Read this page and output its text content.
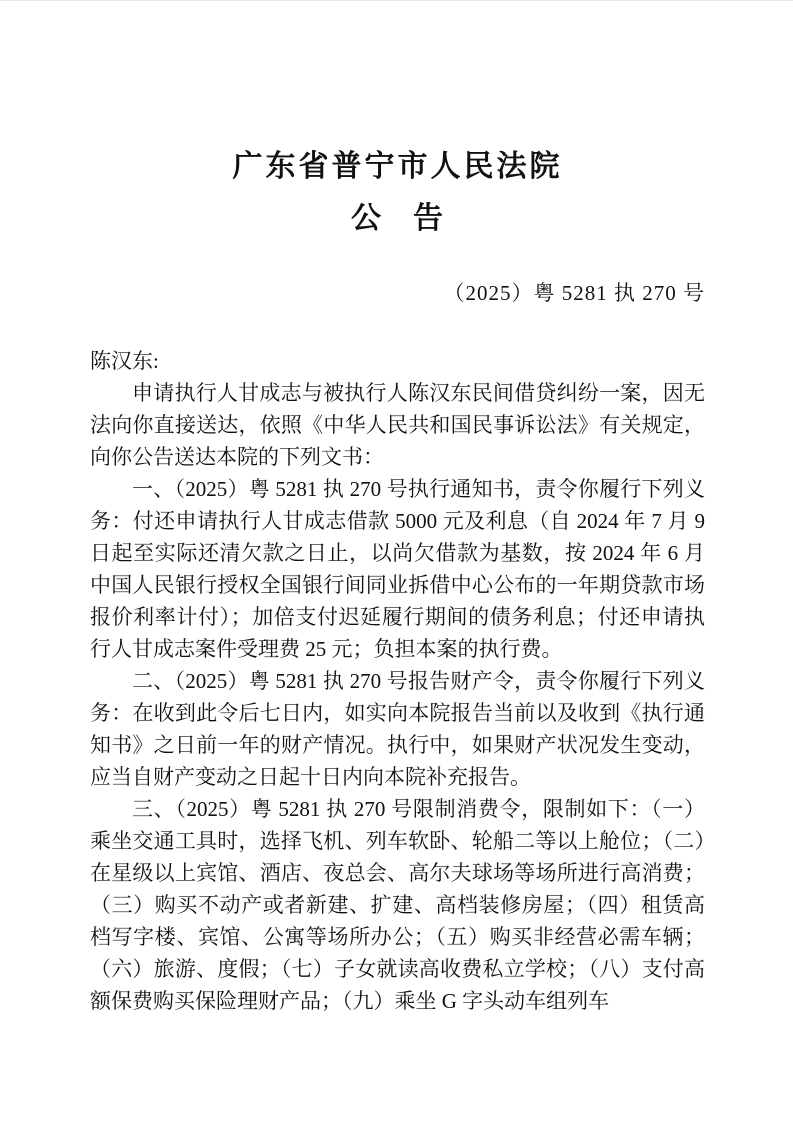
广东省普宁市人民法院
公　告
（2025）粤 5281 执 270 号
陈汉东:

申请执行人甘成志与被执行人陈汉东民间借贷纠纷一案，因无法向你直接送达，依照《中华人民共和国民事诉讼法》有关规定，向你公告送达本院的下列文书：

一、（2025）粤 5281 执 270 号执行通知书，责令你履行下列义务：付还申请执行人甘成志借款 5000 元及利息（自 2024 年 7 月 9 日起至实际还清欠款之日止，以尚欠借款为基数，按 2024 年 6 月中国人民银行授权全国银行间同业拆借中心公布的一年期贷款市场报价利率计付）；加倍支付迟延履行期间的债务利息；付还申请执行人甘成志案件受理费 25 元；负担本案的执行费。

二、（2025）粤 5281 执 270 号报告财产令，责令你履行下列义务：在收到此令后七日内，如实向本院报告当前以及收到《执行通知书》之日前一年的财产情况。执行中，如果财产状况发生变动，应当自财产变动之日起十日内向本院补充报告。

三、（2025）粤 5281 执 270 号限制消费令，限制如下：（一）乘坐交通工具时，选择飞机、列车软卧、轮船二等以上舱位；（二）在星级以上宾馆、酒店、夜总会、高尔夫球场等场所进行高消费；（三）购买不动产或者新建、扩建、高档装修房屋；（四）租赁高档写字楼、宾馆、公寓等场所办公；（五）购买非经营必需车辆；（六）旅游、度假；（七）子女就读高收费私立学校；（八）支付高额保费购买保险理财产品；（九）乘坐 G 字头动车组列车
